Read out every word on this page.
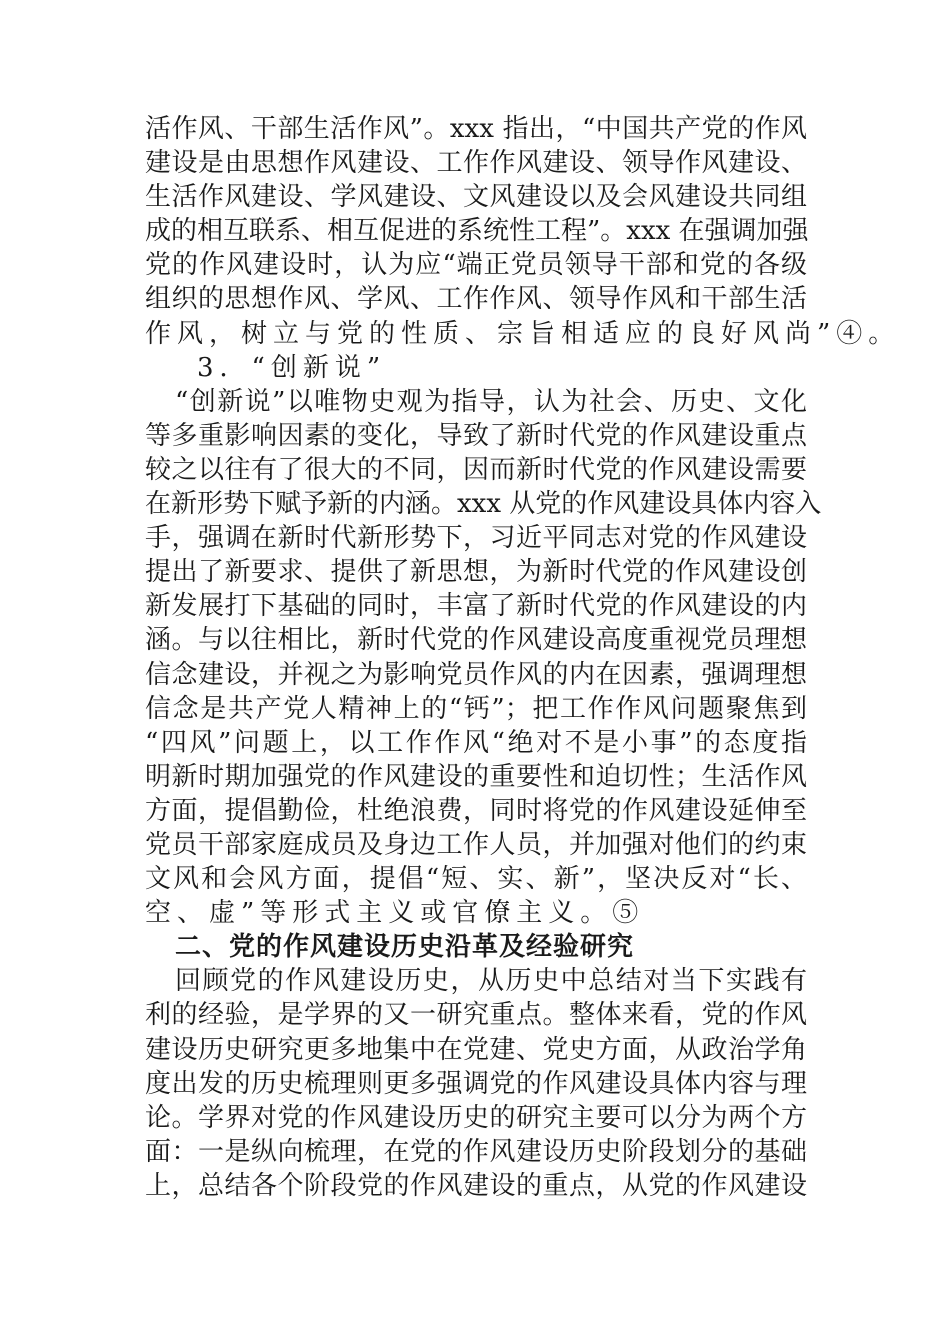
活作风、干部生活作风”。xxx 指出，“中国共产党的作风
建设是由思想作风建设、工作作风建设、领导作风建设、
生活作风建设、学风建设、文风建设以及会风建设共同组
成的相互联系、相互促进的系统性工程”。xxx 在强调加强
党的作风建设时，认为应“端正党员领导干部和党的各级
组织的思想作风、学风、工作作风、领导作风和干部生活
作风，树立与党的性质、宗旨相适应的良好风尚”④。
3．“创新说”
“创新说”以唯物史观为指导，认为社会、历史、文化
等多重影响因素的变化，导致了新时代党的作风建设重点
较之以往有了很大的不同，因而新时代党的作风建设需要
在新形势下赋予新的内涵。xxx 从党的作风建设具体内容入
手，强调在新时代新形势下，习近平同志对党的作风建设
提出了新要求、提供了新思想，为新时代党的作风建设创
新发展打下基础的同时，丰富了新时代党的作风建设的内
涵。与以往相比，新时代党的作风建设高度重视党员理想
信念建设，并视之为影响党员作风的内在因素，强调理想
信念是共产党人精神上的“钙”；把工作作风问题聚焦到
“四风”问题上，以工作作风“绝对不是小事”的态度指
明新时期加强党的作风建设的重要性和迫切性；生活作风
方面，提倡勤俭，杜绝浪费，同时将党的作风建设延伸至
党员干部家庭成员及身边工作人员，并加强对他们的约束
文风和会风方面，提倡“短、实、新”，坚决反对“长、
空、虚”等形式主义或官僚主义。⑤
二、党的作风建设历史沿革及经验研究
回顾党的作风建设历史，从历史中总结对当下实践有
利的经验，是学界的又一研究重点。整体来看，党的作风
建设历史研究更多地集中在党建、党史方面，从政治学角
度出发的历史梳理则更多强调党的作风建设具体内容与理
论。学界对党的作风建设历史的研究主要可以分为两个方
面：一是纵向梳理，在党的作风建设历史阶段划分的基础
上，总结各个阶段党的作风建设的重点，从党的作风建设
